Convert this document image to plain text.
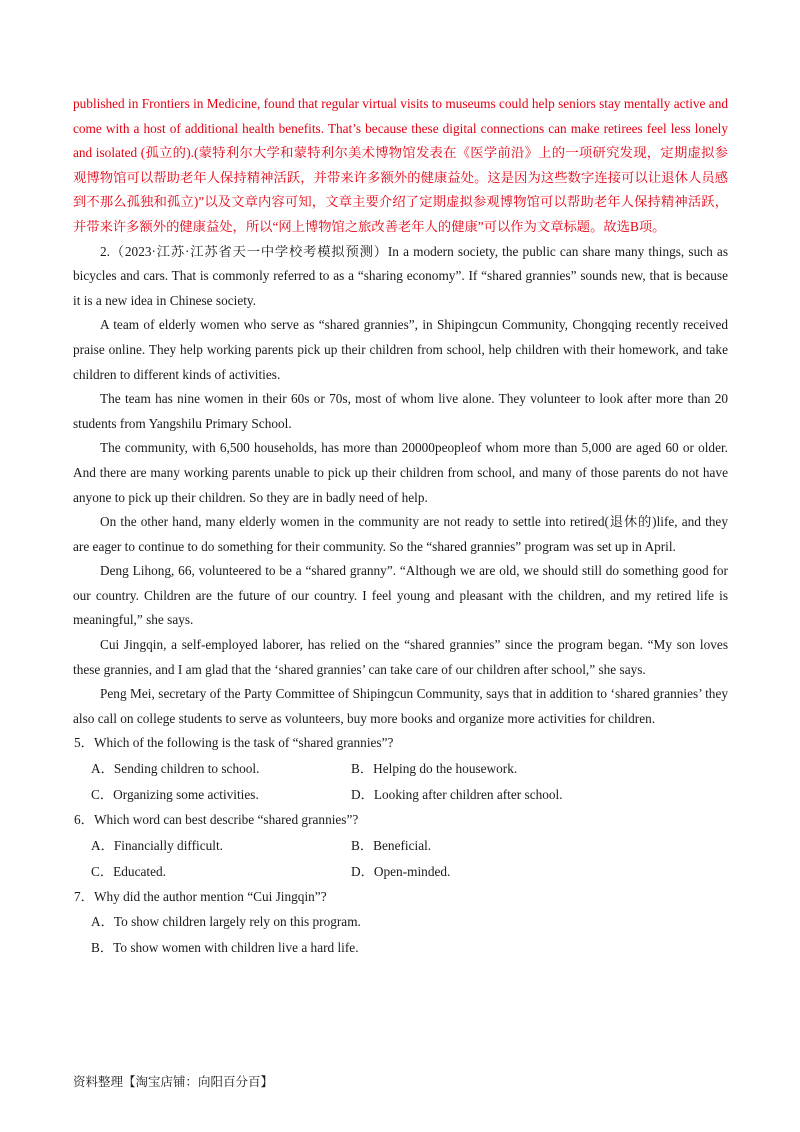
published in Frontiers in Medicine, found that regular virtual visits to museums could help seniors stay mentally active and come with a host of additional health benefits. That’s because these digital connections can make retirees feel less lonely and isolated (孤立的).(蒙特利尔大学和蒙特利尔美术博物馆发表在《医学前沿》上的一项研究发现，定期虚拟参观博物馆可以帮助老年人保持精神活跃，并带来许多额外的健康益处。这是因为这些数字连接可以让退休人员感到不那么孤独和孤立)”以及文章内容可知，文章主要介绍了定期虚拟参观博物馆可以帮助老年人保持精神活跃，并带来许多额外的健康益处，所以“网上博物馆之旅改善老年人的健康”可以作为文章标题。故选B项。

2.（2023·江苏·江苏省天一中学校考模拟预测）In a modern society, the public can share many things, such as bicycles and cars. That is commonly referred to as a “sharing economy”. If “shared grannies” sounds new, that is because it is a new idea in Chinese society.

A team of elderly women who serve as “shared grannies”, in Shipingcun Community, Chongqing recently received praise online. They help working parents pick up their children from school, help children with their homework, and take children to different kinds of activities.

The team has nine women in their 60s or 70s, most of whom live alone. They volunteer to look after more than 20 students from Yangshilu Primary School.

The community, with 6,500 households, has more than 20000peopleof whom more than 5,000 are aged 60 or older. And there are many working parents unable to pick up their children from school, and many of those parents do not have anyone to pick up their children. So they are in badly need of help.

On the other hand, many elderly women in the community are not ready to settle into retired(退休的)life, and they are eager to continue to do something for their community. So the “shared grannies” program was set up in April.

Deng Lihong, 66, volunteered to be a “shared granny”. “Although we are old, we should still do something good for our country. Children are the future of our country. I feel young and pleasant with the children, and my retired life is meaningful,” she says.

Cui Jingqin, a self-employed laborer, has relied on the “shared grannies” since the program began. “My son loves these grannies, and I am glad that the ‘shared grannies’ can take care of our children after school,” she says.

Peng Mei, secretary of the Party Committee of Shipingcun Community, says that in addition to ‘shared grannies’ they also call on college students to serve as volunteers, buy more books and organize more activities for children.

5．Which of the following is the task of “shared grannies”?

A．Sending children to school.	B．Helping do the housework.
C．Organizing some activities.	D．Looking after children after school.

6．Which word can best describe “shared grannies”?

A．Financially difficult.	B．Beneficial.
C．Educated.	D．Open-minded.

7．Why did the author mention “Cui Jingqin”?

A．To show children largely rely on this program.

B．To show women with children live a hard life.

资料整理【淘宝店铺：向阳百分百】
